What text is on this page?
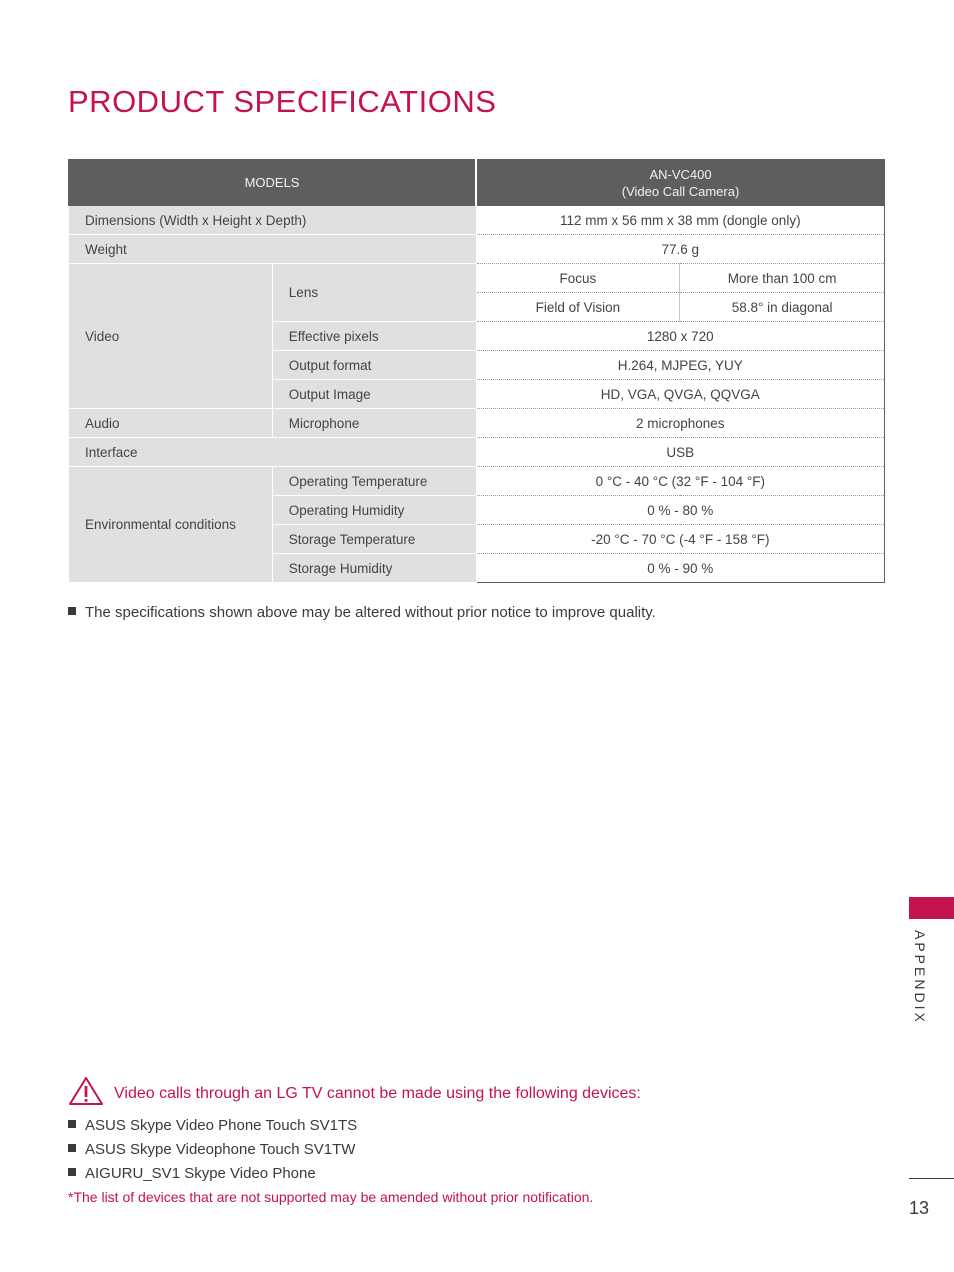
PRODUCT SPECIFICATIONS
MODELS		AN-VC400
(Video Call Camera)	
Dimensions (Width x Height x Depth)		112 mm x 56 mm x 38 mm (dongle only)	
Weight		77.6 g	
Video	Lens	Focus	More than 100 cm
		Field of Vision	58.8° in diagonal
	Effective pixels	1280 x 720	
	Output format	H.264, MJPEG, YUY	
	Output Image	HD, VGA, QVGA, QQVGA	
Audio	Microphone	2 microphones	
Interface		USB	
Environmental conditions	Operating Temperature	0 °C - 40 °C (32 °F - 104 °F)	
	Operating Humidity	0 % - 80 %	
	Storage Temperature	-20 °C - 70 °C (-4 °F - 158 °F)	
	Storage Humidity	0 % - 90 %	
The specifications shown above may be altered without prior notice to improve quality.
Video calls through an LG TV cannot be made using the following devices:
ASUS Skype Video Phone Touch SV1TS
ASUS Skype Videophone Touch SV1TW
AIGURU_SV1 Skype Video Phone
*The list of devices that are not supported may be amended without prior notification.
APPENDIX
13
